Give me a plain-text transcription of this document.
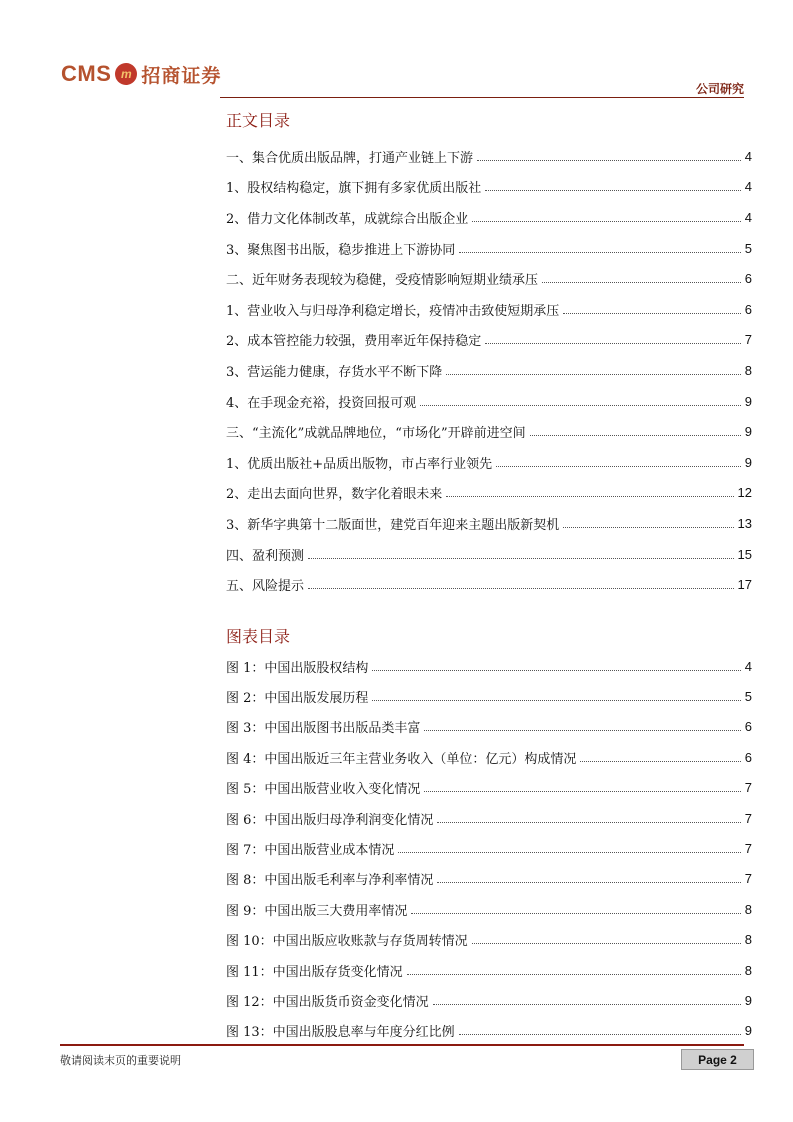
CMS m 招商证券
公司研究
正文目录
一、集合优质出版品牌，打通产业链上下游	4
1、股权结构稳定，旗下拥有多家优质出版社	4
2、借力文化体制改革，成就综合出版企业	4
3、聚焦图书出版，稳步推进上下游协同	5
二、近年财务表现较为稳健，受疫情影响短期业绩承压	6
1、营业收入与归母净利稳定增长，疫情冲击致使短期承压	6
2、成本管控能力较强，费用率近年保持稳定	7
3、营运能力健康，存货水平不断下降	8
4、在手现金充裕，投资回报可观	9
三、“主流化”成就品牌地位，“市场化”开辟前进空间	9
1、优质出版社+品质出版物，市占率行业领先	9
2、走出去面向世界，数字化着眼未来	12
3、新华字典第十二版面世，建党百年迎来主题出版新契机	13
四、盈利预测	15
五、风险提示	17
图表目录
图 1：中国出版股权结构	4
图 2：中国出版发展历程	5
图 3：中国出版图书出版品类丰富	6
图 4：中国出版近三年主营业务收入（单位：亿元）构成情况	6
图 5：中国出版营业收入变化情况	7
图 6：中国出版归母净利润变化情况	7
图 7：中国出版营业成本情况	7
图 8：中国出版毛利率与净利率情况	7
图 9：中国出版三大费用率情况	8
图 10：中国出版应收账款与存货周转情况	8
图 11：中国出版存货变化情况	8
图 12：中国出版货币资金变化情况	9
图 13：中国出版股息率与年度分红比例	9
敬请阅读末页的重要说明	Page 2
